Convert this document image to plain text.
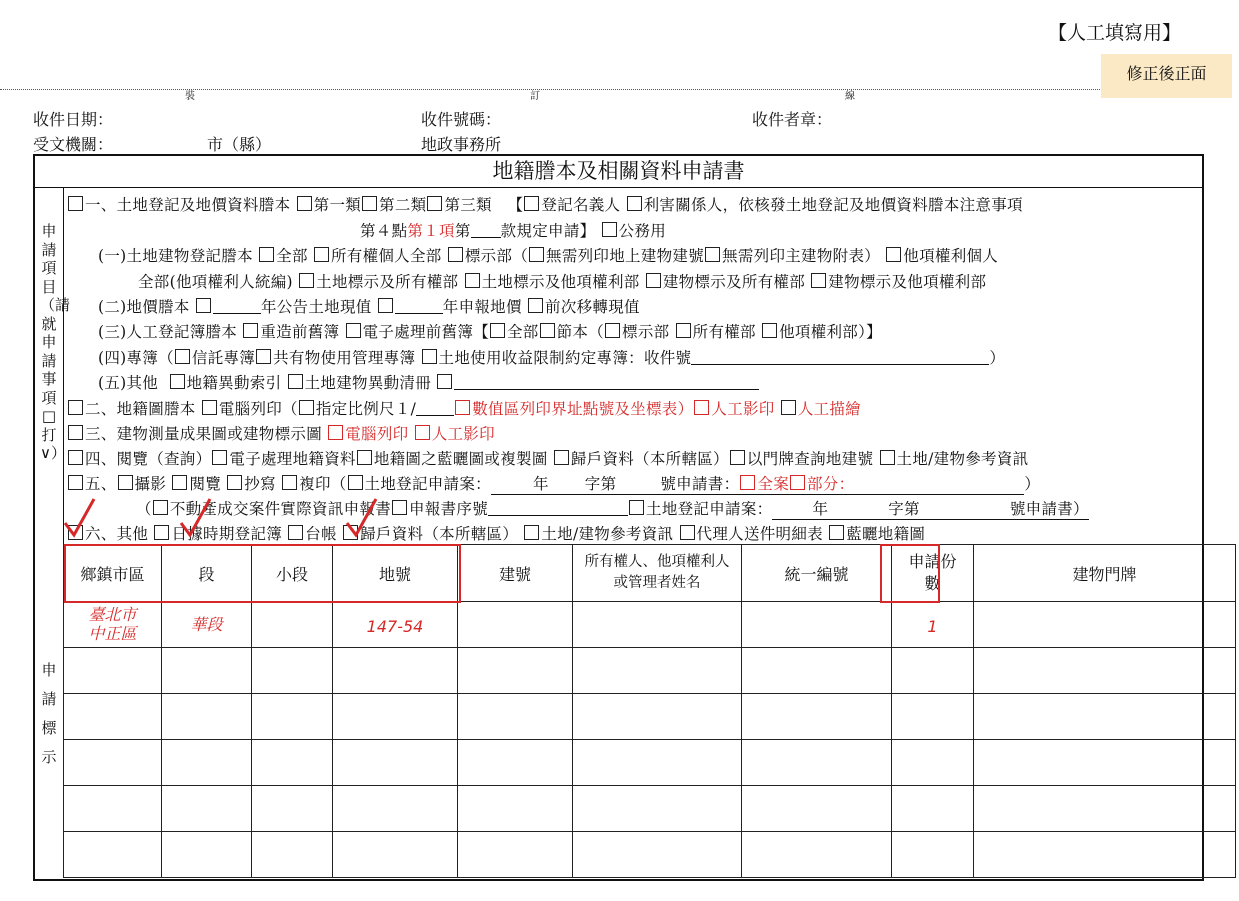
【人工填寫用】
修正後正面
裝	訂	線
收件日期：	收件號碼：	收件者章：
受文機關：	市（縣）	地政事務所
地籍謄本及相關資料申請書
申請項目（請就申請事項□打∨）
申請標示
一、土地登記及地價資料謄本 第一類 第二類 第三類 【 登記名義人 利害關係人，依核發土地登記及地價資料謄本注意事項
第４點第１項第 款規定申請】 公務用
(一)土地建物登記謄本 全部 所有權個人全部 標示部（ 無需列印地上建物建號 無需列印主建物附表） 他項權利個人
全部(他項權利人統編) 土地標示及所有權部 土地標示及他項權利部 建物標示及所有權部 建物標示及他項權利部
(二)地價謄本	年公告土地現值	年申報地價 前次移轉現值
(三)人工登記簿謄本 重造前舊簿 電子處理前舊簿【 全部 節本（ 標示部 所有權部 他項權利部）】
(四)專簿（ 信託專簿 共有物使用管理專簿 土地使用收益限制約定專簿：收件號	）
(五)其他 地籍異動索引 土地建物異動清冊
二、地籍圖謄本 電腦列印（ 指定比例尺１/	數值區列印界址點號及坐標表） 人工影印 人工描繪
三、建物測量成果圖或建物標示圖 電腦列印 人工影印
四、閱覽（查詢） 電子處理地籍資料 地籍圖之藍曬圖或複製圖 歸戶資料（本所轄區） 以門牌查詢地建號 土地/建物參考資訊
五、 攝影 閱覽 抄寫 複印（ 土地登記申請案：	年 字第	號申請書： 全案 部分：	）
（ 不動產成交案件實際資訊申報書 申報書序號	土地登記申請案：	年	字第	號申請書）
六、其他 日據時期登記簿 台帳 歸戶資料（本所轄區） 土地/建物參考資訊 代理人送件明細表 藍曬地籍圖
鄉鎮市區	段	小段	地號	建號	所有權人、他項權利人或管理者姓名	統一編號	申請份數	建物門牌

臺北市
中正區	華段		147-54				1	
